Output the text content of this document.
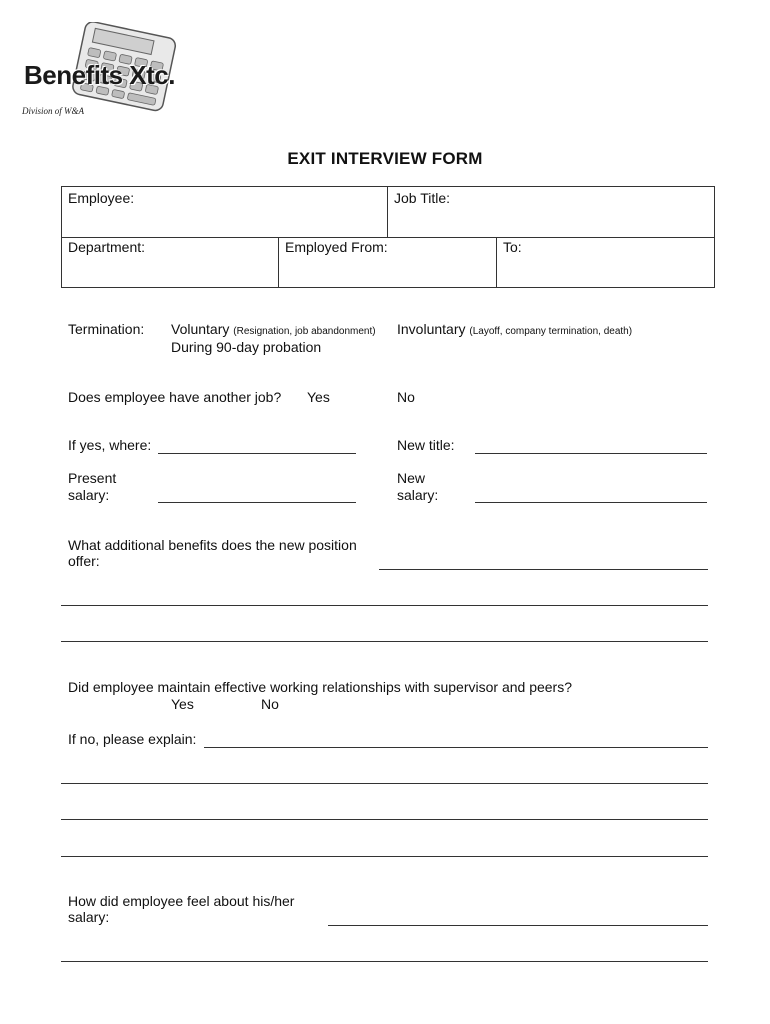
Benefits Xtc.
Division of W&A
EXIT INTERVIEW FORM
Employee:	Job Title:
Department:	Employed From:	To:
Termination: Voluntary (Resignation, job abandonment)
During 90-day probation
Involuntary (Layoff, company termination, death)
Does employee have another job? Yes	No
If yes, where:	New title:
Present
salary:
New
salary:
What additional benefits does the new position
offer:
Did employee maintain effective working relationships with supervisor and peers?
Yes	No
If no, please explain:
How did employee feel about his/her
salary:
